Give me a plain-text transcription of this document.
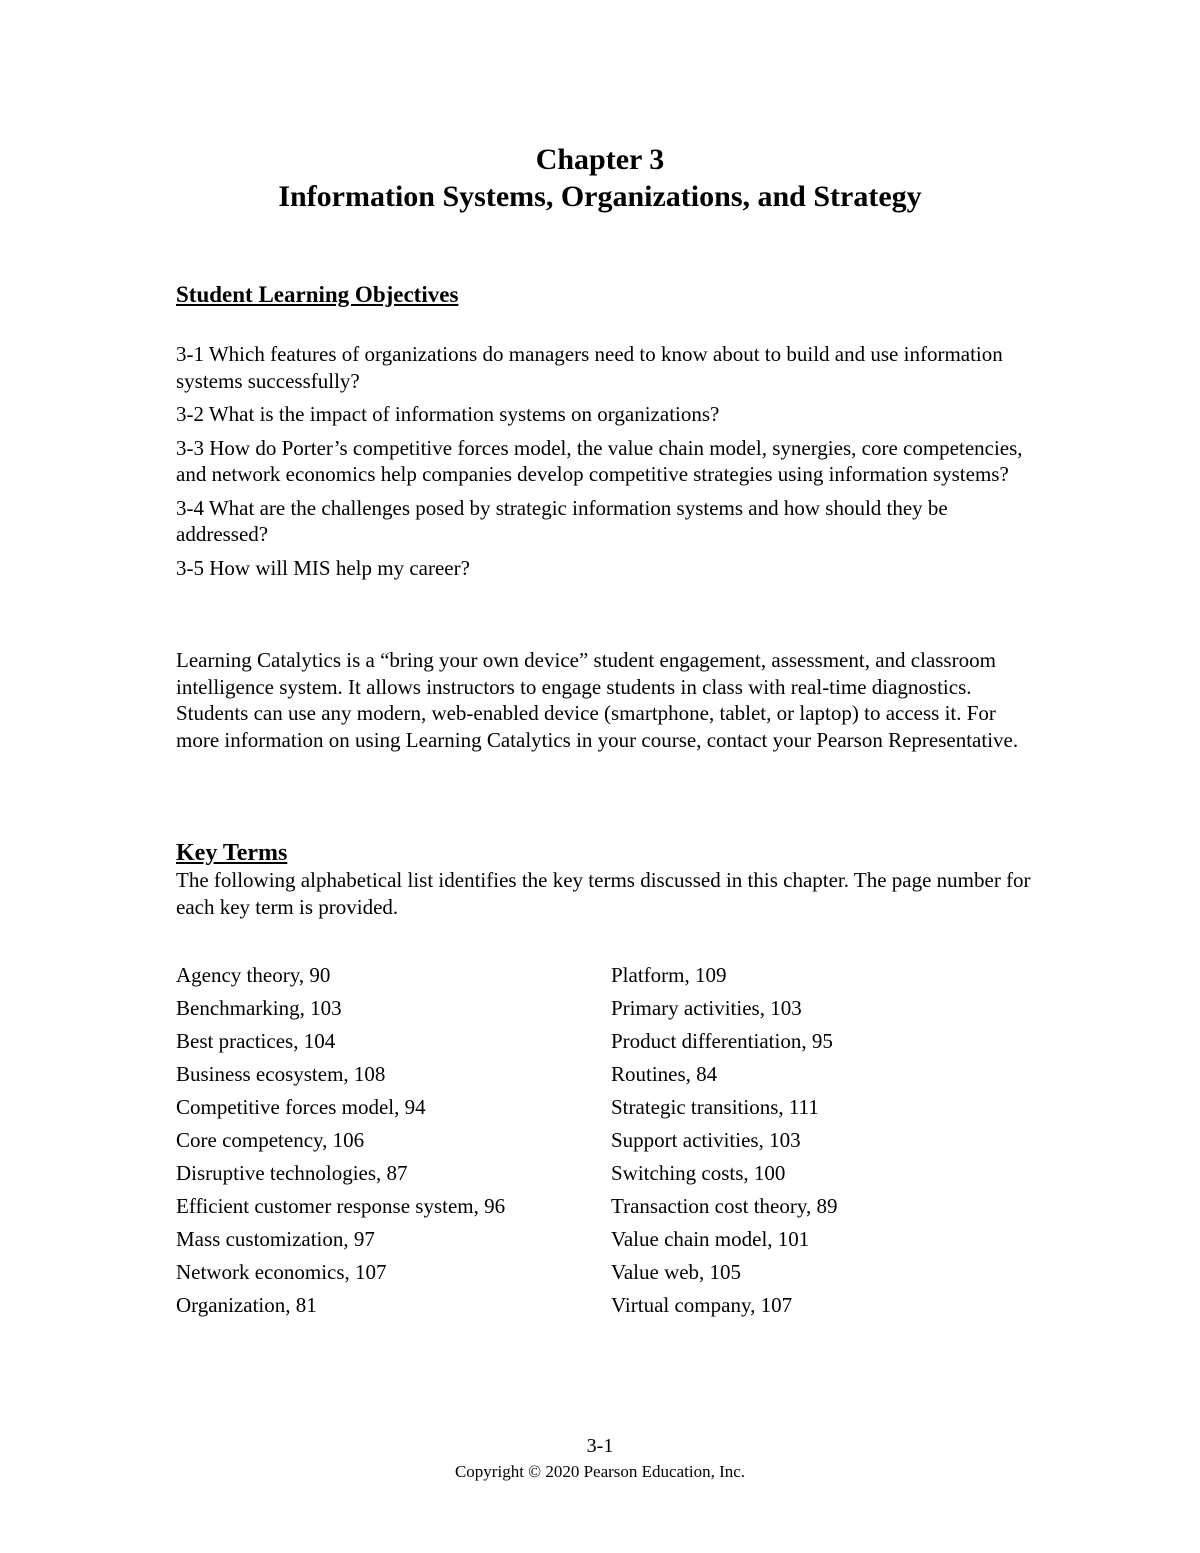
Chapter 3
Information Systems, Organizations, and Strategy
Student Learning Objectives
3-1 Which features of organizations do managers need to know about to build and use information systems successfully?
3-2 What is the impact of information systems on organizations?
3-3 How do Porter’s competitive forces model, the value chain model, synergies, core competencies, and network economics help companies develop competitive strategies using information systems?
3-4 What are the challenges posed by strategic information systems and how should they be addressed?
3-5 How will MIS help my career?

Learning Catalytics is a “bring your own device” student engagement, assessment, and classroom intelligence system. It allows instructors to engage students in class with real-time diagnostics. Students can use any modern, web-enabled device (smartphone, tablet, or laptop) to access it. For more information on using Learning Catalytics in your course, contact your Pearson Representative.

Key Terms

The following alphabetical list identifies the key terms discussed in this chapter. The page number for each key term is provided.

Agency theory, 90
Benchmarking, 103
Best practices, 104
Business ecosystem, 108
Competitive forces model, 94
Core competency, 106
Disruptive technologies, 87
Efficient customer response system, 96
Mass customization, 97
Network economics, 107
Organization, 81
Platform, 109
Primary activities, 103
Product differentiation, 95
Routines, 84
Strategic transitions, 111
Support activities, 103
Switching costs, 100
Transaction cost theory, 89
Value chain model, 101
Value web, 105
Virtual company, 107
3-1
Copyright © 2020 Pearson Education, Inc.
